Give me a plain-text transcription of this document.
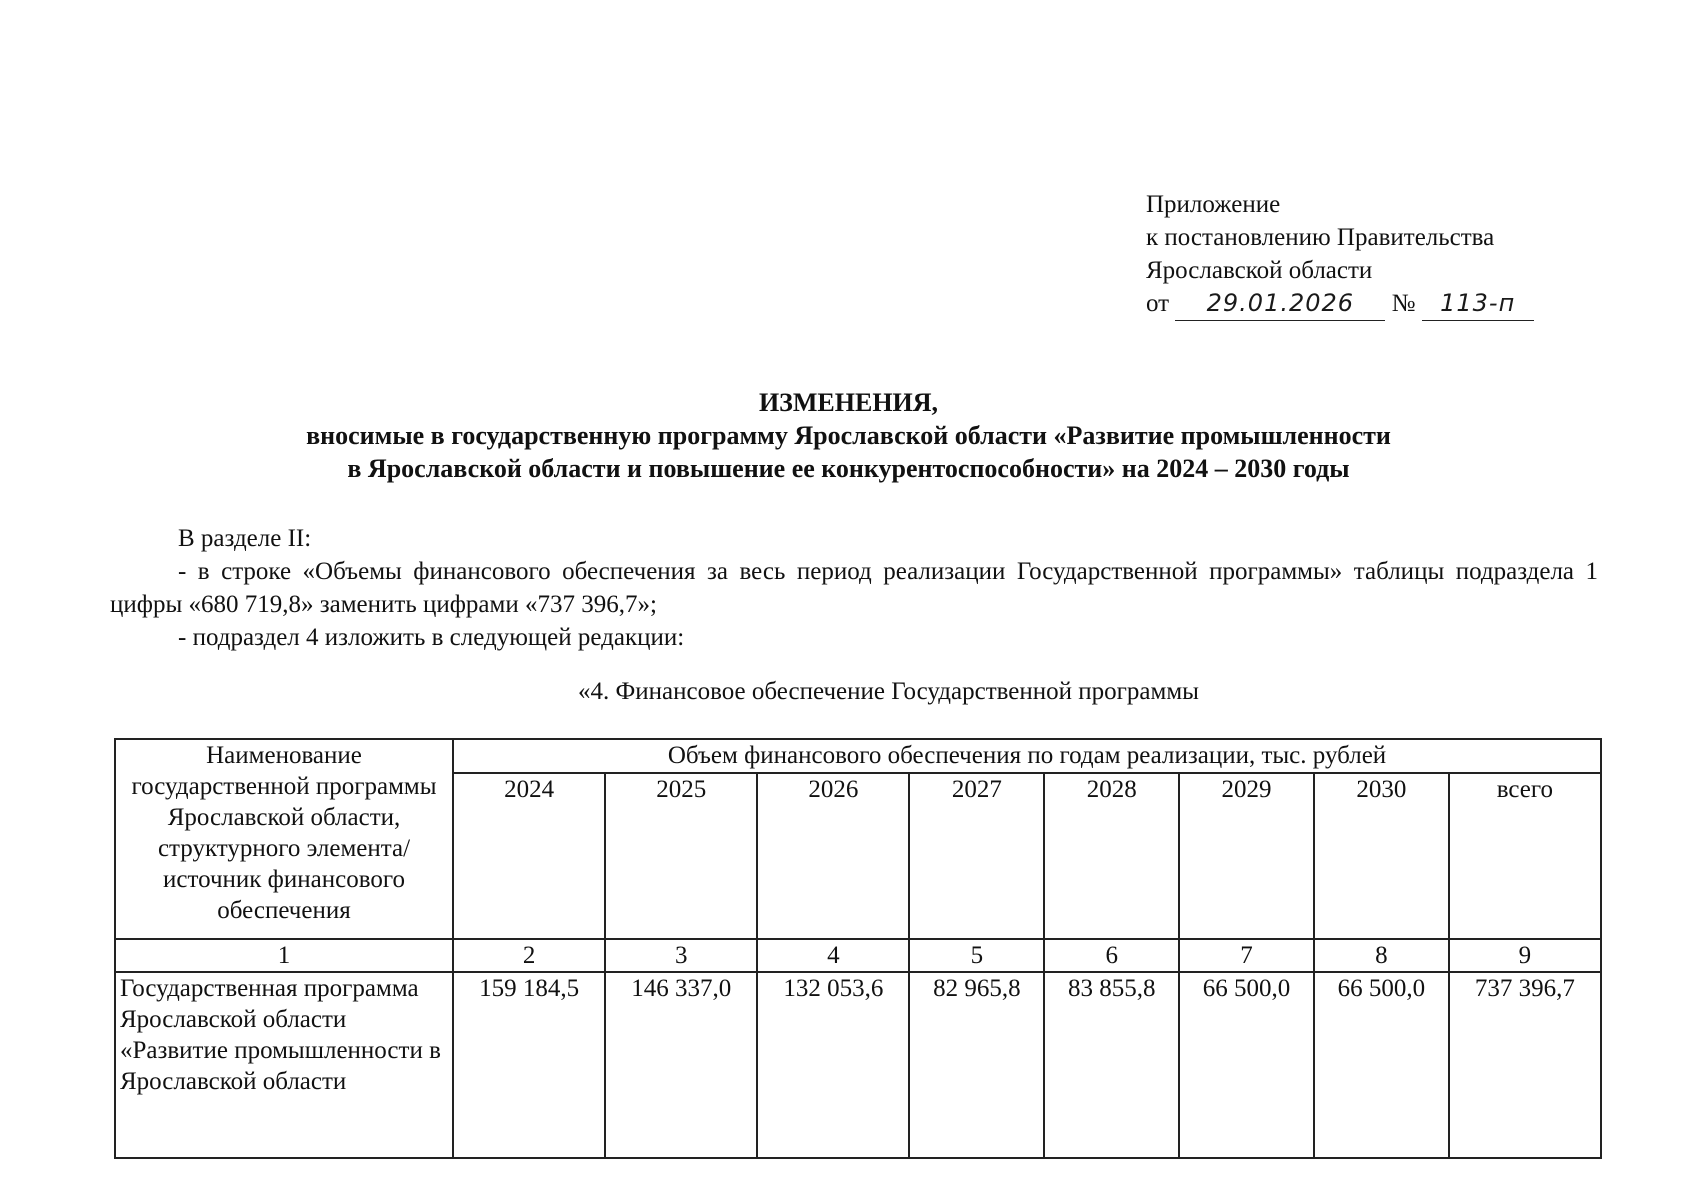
Приложение
к постановлению Правительства
Ярославской области
от 29.01.2026 № 113-п
ИЗМЕНЕНИЯ,
вносимые в государственную программу Ярославской области «Развитие промышленности
в Ярославской области и повышение ее конкурентоспособности» на 2024 – 2030 годы
В разделе II:
- в строке «Объемы финансового обеспечения за весь период реализации Государственной программы» таблицы подраздела 1 цифры «680 719,8» заменить цифрами «737 396,7»;
- подраздел 4 изложить в следующей редакции:
«4. Финансовое обеспечение Государственной программы
Наименование государственной программы Ярославской области, структурного элемента/ источник финансового обеспечения	Объем финансового обеспечения по годам реализации, тыс. рублей							
	2024	2025	2026	2027	2028	2029	2030	всего
1	2	3	4	5	6	7	8	9
Государственная программа Ярославской области «Развитие промышленности в Ярославской области	159 184,5	146 337,0	132 053,6	82 965,8	83 855,8	66 500,0	66 500,0	737 396,7
